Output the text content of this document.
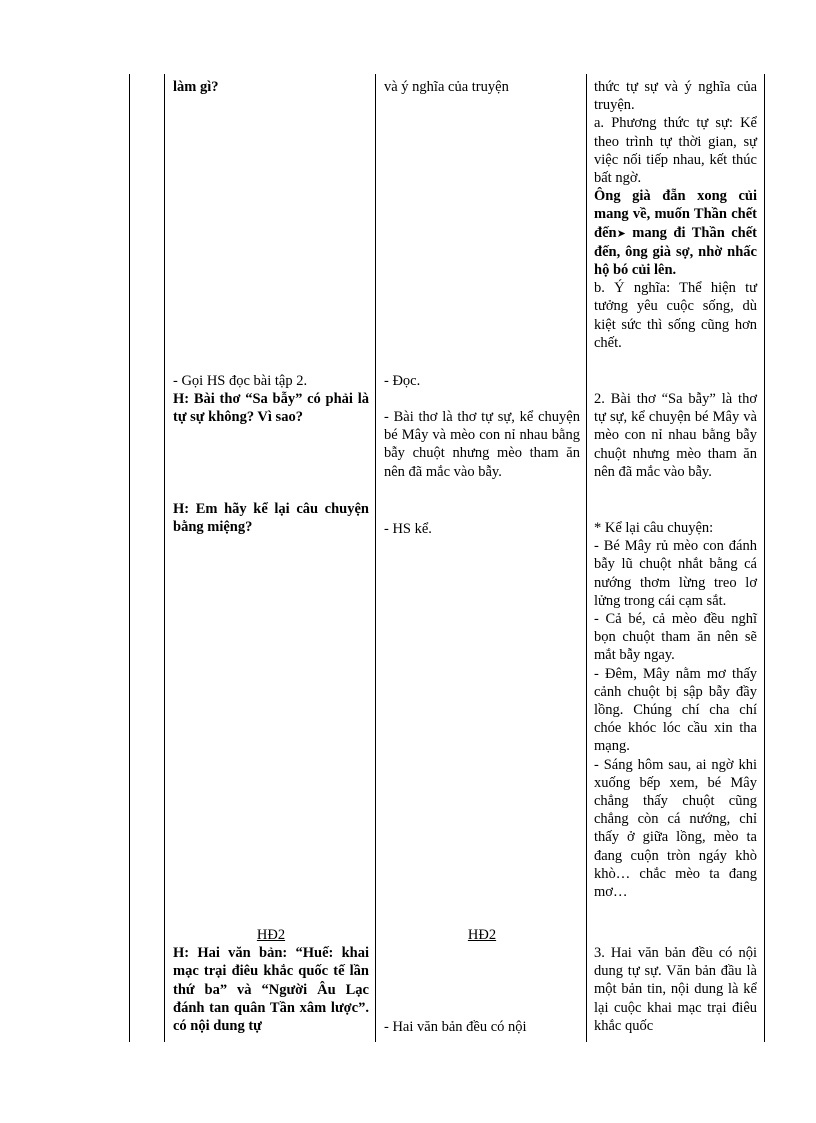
làm gì?

- Gọi HS đọc bài tập 2.

H: Bài thơ “Sa bẫy” có phải là tự sự không? Vì sao?

H: Em hãy kể lại câu chuyện bằng miệng?

HĐ2

H: Hai văn bản: “Huế: khai mạc trại điêu khắc quốc tế lần thứ ba” và “Người Âu Lạc đánh tan quân Tần xâm lược”. có nội dung tự

và ý nghĩa của truyện

- Đọc.

- Bài thơ là thơ tự sự, kể chuyện bé Mây và mèo con nỉ nhau bằng bẫy chuột nhưng mèo tham ăn nên đã mắc vào bẫy.

- HS kể.

HĐ2

- Hai văn bản đều có nội

thức tự sự và ý nghĩa của truyện.

a. Phương thức tự sự: Kể theo trình tự thời gian, sự việc nối tiếp nhau, kết thúc bất ngờ.

Ông già đẵn xong củi mang về, muốn Thần chết đến➤ mang đi Thần chết đến, ông già sợ, nhờ nhấc hộ bó củi lên.

b. Ý nghĩa: Thể hiện tư tưởng yêu cuộc sống, dù kiệt sức thì sống cũng hơn chết.

2. Bài thơ “Sa bẫy” là thơ tự sự, kể chuyện bé Mây và mèo con nỉ nhau bằng bẫy chuột nhưng mèo tham ăn nên đã mắc vào bẫy.

* Kể lại câu chuyện:

- Bé Mây rủ mèo con đánh bẫy lũ chuột nhắt bằng cá nướng thơm lừng treo lơ lửng trong cái cạm sắt.

- Cả bé, cả mèo đều nghĩ bọn chuột tham ăn nên sẽ mắt bẫy ngay.

- Đêm, Mây nằm mơ thấy cảnh chuột bị sập bẫy đầy lồng. Chúng chí cha chí chóe khóc lóc cầu xin tha mạng.

- Sáng hôm sau, ai ngờ khi xuống bếp xem, bé Mây chẳng thấy chuột cũng chẳng còn cá nướng, chỉ thấy ở giữa lồng, mèo ta đang cuộn tròn ngáy khò khò… chắc mèo ta đang mơ…

3. Hai văn bản đều có nội dung tự sự. Văn bản đầu là một bản tin, nội dung là kể lại cuộc khai mạc trại điêu khắc quốc
